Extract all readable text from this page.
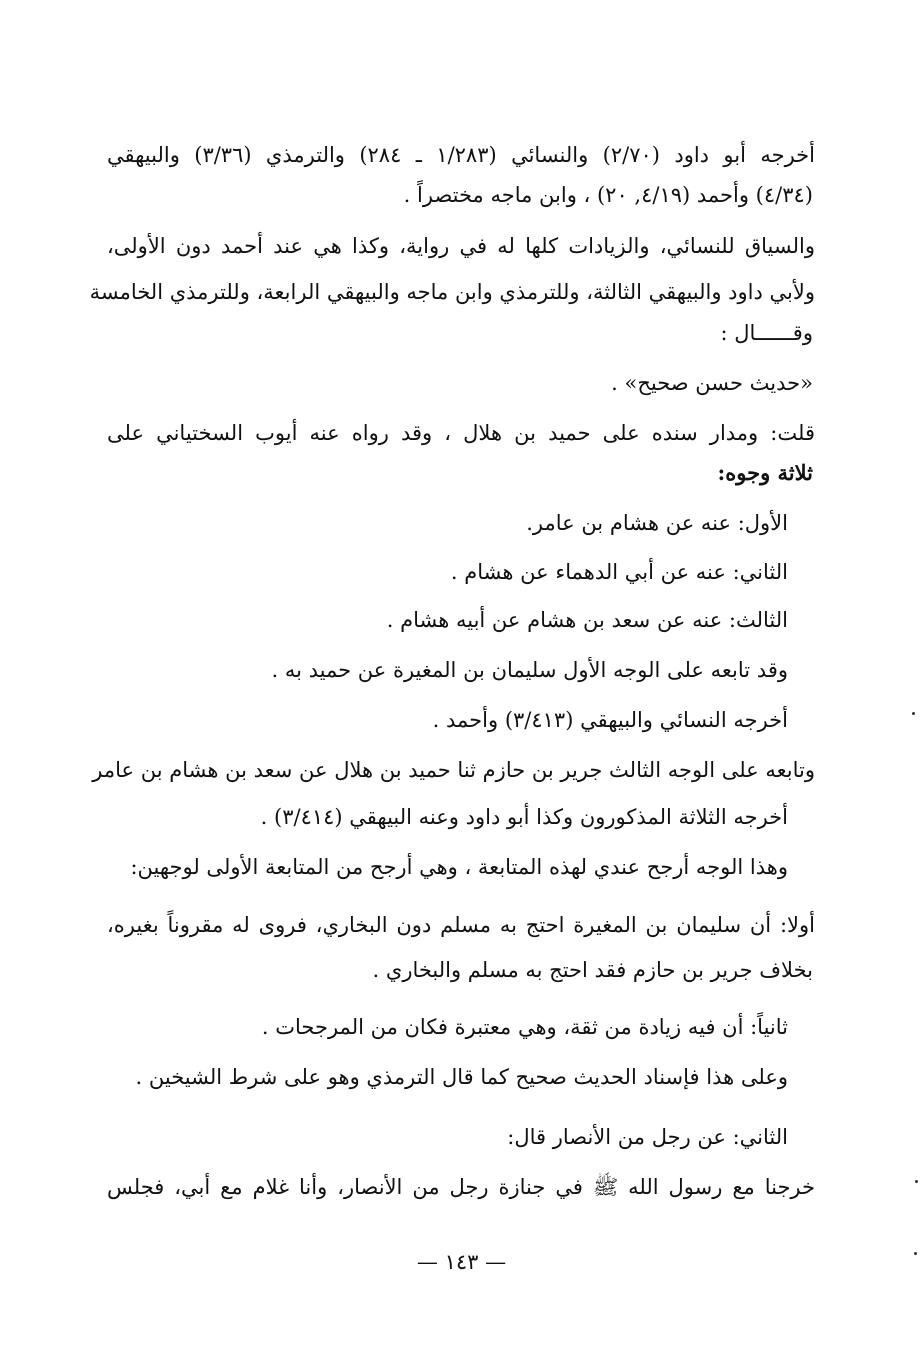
أخرجه أبو داود (٢/٧٠) والنسائي (١/٢٨٣ ـ ٢٨٤) والترمذي (٣/٣٦) والبيهقي
(٤/٣٤) وأحمد (٤/١٩, ٢٠) ، وابن ماجه مختصراً .
والسياق للنسائي، والزيادات كلها له في رواية، وكذا هي عند أحمد دون الأولى،
ولأبي داود والبيهقي الثالثة، وللترمذي وابن ماجه والبيهقي الرابعة، وللترمذي الخامسة
وقــــــال :
«حديث حسن صحيح» .
قلت: ومدار سنده على حميد بن هلال ، وقد رواه عنه أيوب السختياني على
ثلاثة وجوه:
الأول: عنه عن هشام بن عامر.
الثاني: عنه عن أبي الدهماء عن هشام .
الثالث: عنه عن سعد بن هشام عن أبيه هشام .
وقد تابعه على الوجه الأول سليمان بن المغيرة عن حميد به .
أخرجه النسائي والبيهقي (٣/٤١٣) وأحمد .
وتابعه على الوجه الثالث جرير بن حازم ثنا حميد بن هلال عن سعد بن هشام بن عامر
أخرجه الثلاثة المذكورون وكذا أبو داود وعنه البيهقي (٣/٤١٤) .
وهذا الوجه أرجح عندي لهذه المتابعة ، وهي أرجح من المتابعة الأولى لوجهين:
أولا: أن سليمان بن المغيرة احتج به مسلم دون البخاري، فروى له مقروناً بغيره،
بخلاف جرير بن حازم فقد احتج به مسلم والبخاري .
ثانياً: أن فيه زيادة من ثقة، وهي معتبرة فكان من المرجحات .
وعلى هذا فإسناد الحديث صحيح كما قال الترمذي وهو على شرط الشيخين .
الثاني: عن رجل من الأنصار قال:
خرجنا مع رسول الله ﷺ في جنازة رجل من الأنصار، وأنا غلام مع أبي، فجلس
— ١٤٣ —
